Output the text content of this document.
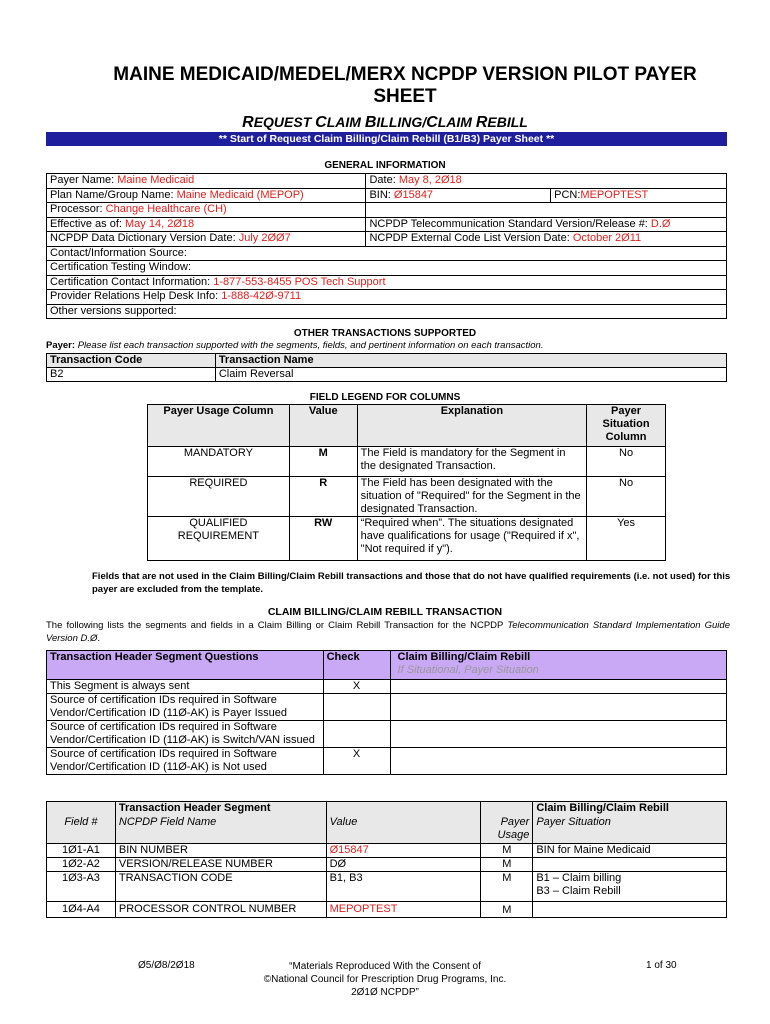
MAINE MEDICAID/MEDEL/MERX NCPDP VERSION PILOT PAYER
SHEET
REQUEST CLAIM BILLING/CLAIM REBILL
** Start of Request Claim Billing/Claim Rebill (B1/B3) Payer Sheet **
GENERAL INFORMATION
Payer Name: Maine Medicaid	Date: May 8, 2Ø18	
Plan Name/Group Name: Maine Medicaid (MEPOP)	BIN: Ø15847	PCN:MEPOPTEST
Processor: Change Healthcare (CH)		
Effective as of: May 14, 2Ø18	NCPDP Telecommunication Standard Version/Release #: D.Ø	
NCPDP Data Dictionary Version Date: July 2ØØ7	NCPDP External Code List Version Date: October 2Ø11	
Contact/Information Source:		
Certification Testing Window:		
Certification Contact Information: 1-877-553-8455 POS Tech Support		
Provider Relations Help Desk Info: 1-888-42Ø-9711		
Other versions supported:		
OTHER TRANSACTIONS SUPPORTED
Payer: Please list each transaction supported with the segments, fields, and pertinent information on each transaction.
Transaction Code	Transaction Name
B2	Claim Reversal
FIELD LEGEND FOR COLUMNS
Payer Usage Column	Value	Explanation	Payer Situation Column
MANDATORY	M	The Field is mandatory for the Segment in the designated Transaction.	No
REQUIRED	R	The Field has been designated with the situation of "Required" for the Segment in the designated Transaction.	No
QUALIFIED REQUIREMENT	RW	“Required when”. The situations designated have qualifications for usage ("Required if x", "Not required if y").	Yes
Fields that are not used in the Claim Billing/Claim Rebill transactions and those that do not have qualified requirements (i.e. not used) for this payer are excluded from the template.
CLAIM BILLING/CLAIM REBILL TRANSACTION
The following lists the segments and fields in a Claim Billing or Claim Rebill Transaction for the NCPDP Telecommunication Standard Implementation Guide Version D.Ø.
Transaction Header Segment Questions	Check	Claim Billing/Claim Rebill
If Situational, Payer Situation

This Segment is always sent	X	
Source of certification IDs required in Software Vendor/Certification ID (11Ø-AK) is Payer Issued		
Source of certification IDs required in Software Vendor/Certification ID (11Ø-AK) is Switch/VAN issued		
Source of certification IDs required in Software Vendor/Certification ID (11Ø-AK) is Not used	X	
	Transaction Header Segment			Claim Billing/Claim Rebill
Field #	NCPDP Field Name	Value	Payer Usage	Payer Situation
1Ø1-A1	BIN NUMBER	Ø15847	M	BIN for Maine Medicaid
1Ø2-A2	VERSION/RELEASE NUMBER	DØ	M	
1Ø3-A3	TRANSACTION CODE	B1, B3	M	B1 – Claim billing
B3 – Claim Rebill

1Ø4-A4	PROCESSOR CONTROL NUMBER	MEPOPTEST	M	
Ø5/Ø8/2Ø18	“Materials Reproduced With the Consent of
©National Council for Prescription Drug Programs, Inc.
2Ø1Ø NCPDP”
1 of 30
